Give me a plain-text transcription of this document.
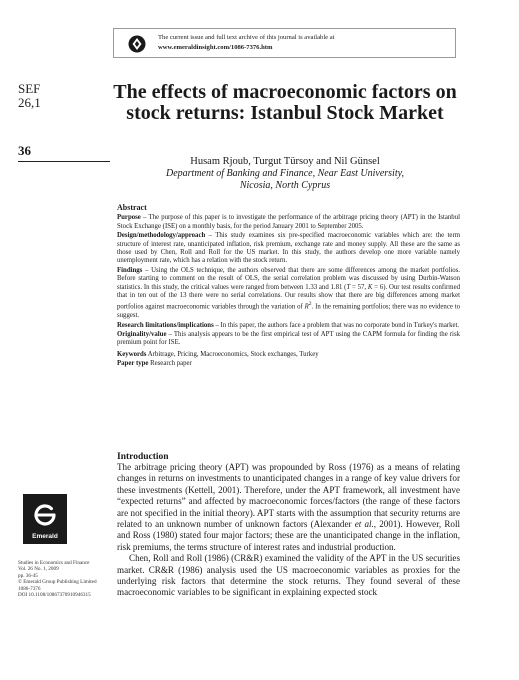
The current issue and full text archive of this journal is available at
www.emeraldinsight.com/1086-7376.htm
SEF
26,1
36
The effects of macroeconomic factors on stock returns: Istanbul Stock Market
Husam Rjoub, Turgut Türsoy and Nil Günsel
Department of Banking and Finance, Near East University,
Nicosia, North Cyprus
Abstract

Purpose – The purpose of this paper is to investigate the performance of the arbitrage pricing theory (APT) in the Istanbul Stock Exchange (ISE) on a monthly basis, for the period January 2001 to September 2005.

Design/methodology/approach – This study examines six pre-specified macroeconomic variables which are: the term structure of interest rate, unanticipated inflation, risk premium, exchange rate and money supply. All these are the same as those used by Chen, Roll and Roll for the US market. In this study, the authors develop one more variable namely unemployment rate, which has a relation with the stock return.

Findings – Using the OLS technique, the authors observed that there are some differences among the market portfolios. Before starting to comment on the result of OLS, the serial correlation problem was discussed by using Durbin-Watson statistics. In this study, the critical values were ranged from between 1.33 and 1.81 (T = 57, K = 6). Our test results confirmed that in ten out of the 13 there were no serial correlations. Our results show that there are big differences among market portfolios against macroeconomic variables through the variation of $R^2$. In the remaining portfolios; there was no evidence to suggest.

Research limitations/implications – In this paper, the authors face a problem that was no corporate bond in Turkey's market.

Originality/value – This analysis appears to be the first empirical test of APT using the CAPM formula for finding the risk premium point for ISE.

Keywords Arbitrage, Pricing, Macroeconomics, Stock exchanges, Turkey

Paper type Research paper

Introduction

The arbitrage pricing theory (APT) was propounded by Ross (1976) as a means of relating changes in returns on investments to unanticipated changes in a range of key value drivers for these investments (Kettell, 2001). Therefore, under the APT framework, all investment have “expected returns” and affected by macroeconomic forces/factors (the range of these factors are not specified in the initial theory). APT starts with the assumption that security returns are related to an unknown number of unknown factors (Alexander et al., 2001). However, Roll and Ross (1980) stated four major factors; these are the unanticipated change in the inflation, risk premiums, the terms structure of interest rates and industrial production.

Chen, Roll and Roll (1986) (CR&R) examined the validity of the APT in the US securities market. CR&R (1986) analysis used the US macroeconomic variables as proxies for the underlying risk factors that determine the stock returns. They found several of these macroeconomic variables to be significant in explaining expected stock

Emerald
Studies in Economics and Finance
Vol. 26 No. 1, 2009
pp. 36-45
© Emerald Group Publishing Limited
1086-7376
DOI 10.1108/10867370910946315
